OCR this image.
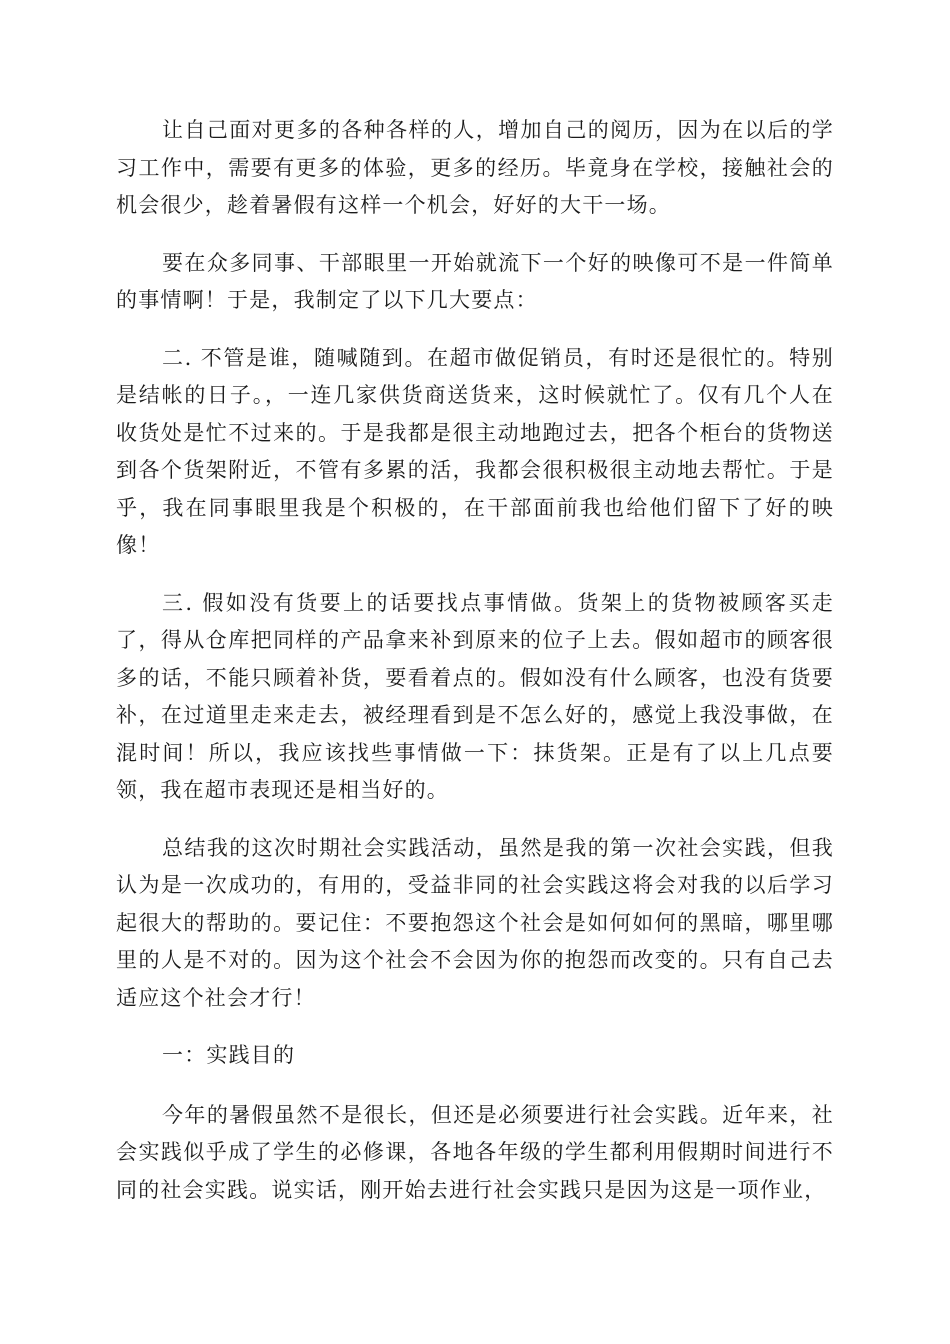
让自己面对更多的各种各样的人，增加自己的阅历，因为在以后的学习工作中，需要有更多的体验，更多的经历。毕竟身在学校，接触社会的机会很少，趁着暑假有这样一个机会，好好的大干一场。

要在众多同事、干部眼里一开始就流下一个好的映像可不是一件简单的事情啊！于是，我制定了以下几大要点：

二. 不管是谁，随喊随到。在超市做促销员，有时还是很忙的。特别是结帐的日子。，一连几家供货商送货来，这时候就忙了。仅有几个人在收货处是忙不过来的。于是我都是很主动地跑过去，把各个柜台的货物送到各个货架附近，不管有多累的活，我都会很积极很主动地去帮忙。于是乎，我在同事眼里我是个积极的，在干部面前我也给他们留下了好的映像！

三. 假如没有货要上的话要找点事情做。货架上的货物被顾客买走了，得从仓库把同样的产品拿来补到原来的位子上去。假如超市的顾客很多的话，不能只顾着补货，要看着点的。假如没有什么顾客，也没有货要补，在过道里走来走去，被经理看到是不怎么好的，感觉上我没事做，在混时间！所以，我应该找些事情做一下：抹货架。正是有了以上几点要领，我在超市表现还是相当好的。

总结我的这次时期社会实践活动，虽然是我的第一次社会实践，但我认为是一次成功的，有用的，受益非同的社会实践这将会对我的以后学习起很大的帮助的。要记住：不要抱怨这个社会是如何如何的黑暗，哪里哪里的人是不对的。因为这个社会不会因为你的抱怨而改变的。只有自己去适应这个社会才行！

一：实践目的

今年的暑假虽然不是很长，但还是必须要进行社会实践。近年来，社会实践似乎成了学生的必修课，各地各年级的学生都利用假期时间进行不同的社会实践。说实话，刚开始去进行社会实践只是因为这是一项作业，
